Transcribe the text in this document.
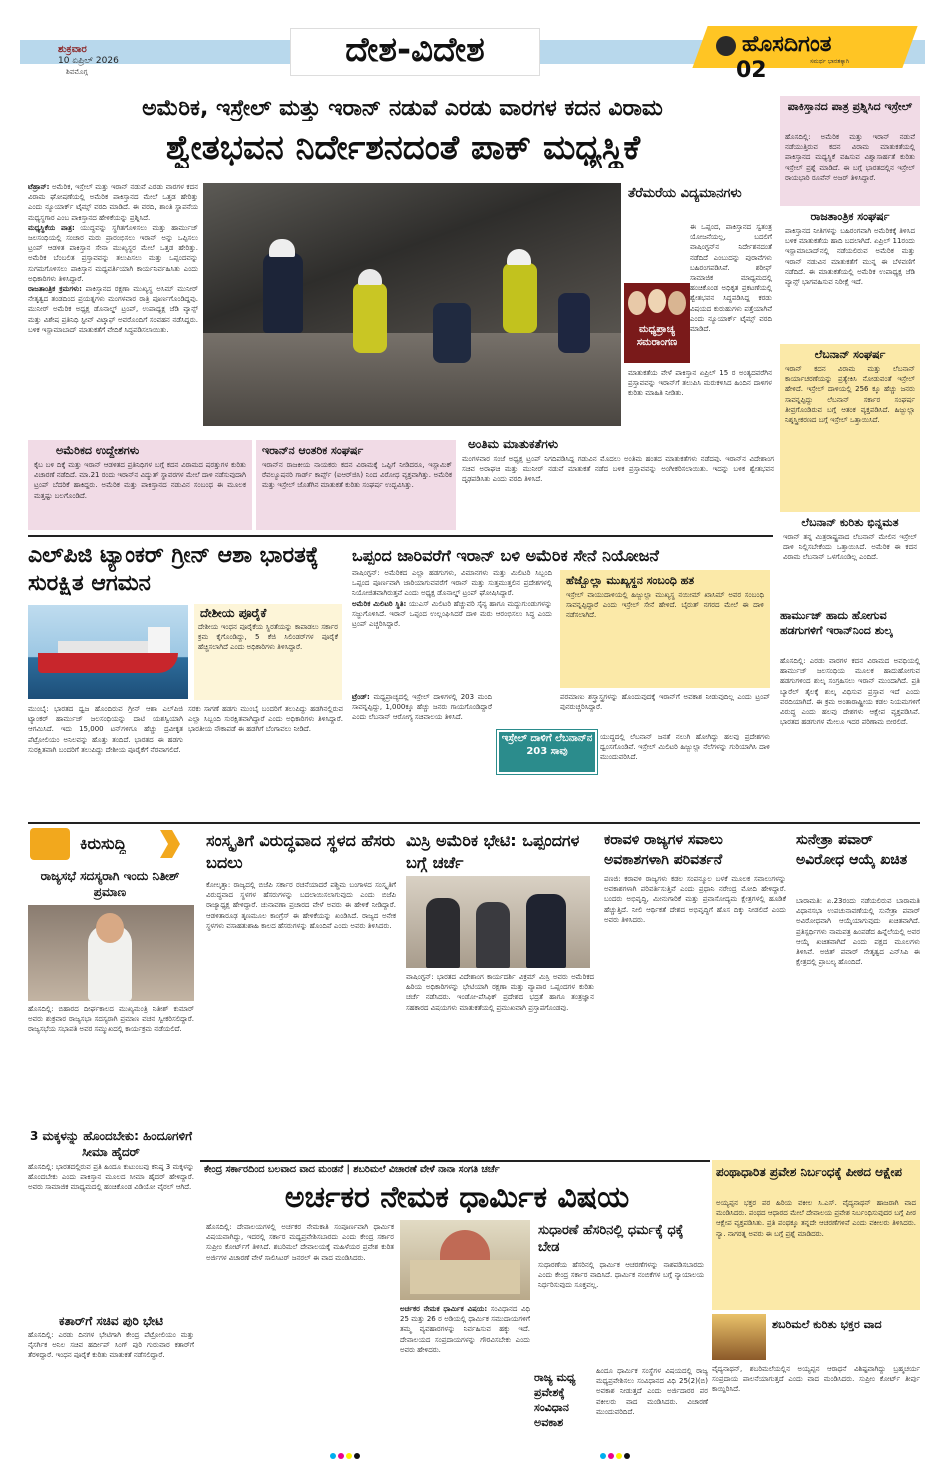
ಶುಕ್ರವಾರ
10 ಏಪ್ರಿಲ್ 2026
ಶಿವಮೊಗ್ಗ
ದೇಶ-ವಿದೇಶ	ಹೊಸದಿಗಂತ
ಸಮರ್ಥ ಭಾರತಕ್ಕಾಗಿ
02
ಅಮೆರಿಕ, ಇಸ್ರೇಲ್ ಮತ್ತು ಇರಾನ್ ನಡುವೆ ಎರಡು ವಾರಗಳ ಕದನ ವಿರಾಮ
ಶ್ವೇತಭವನ ನಿರ್ದೇಶನದಂತೆ ಪಾಕ್ ಮಧ್ಯಸ್ಥಿಕೆ
ಟೆಹ್ರಾನ್: ಅಮೆರಿಕ, ಇಸ್ರೇಲ್ ಮತ್ತು ಇರಾನ್ ನಡುವೆ ಎರಡು ವಾರಗಳ ಕದನ ವಿರಾಮ ಘೋಷಣೆಯಲ್ಲಿ ಅಮೆರಿಕ ಪಾಕಿಸ್ತಾನದ ಮೇಲೆ ಒತ್ತಡ ಹೇರಿತ್ತು ಎಂದು ನ್ಯೂಯಾರ್ಕ್ ಟೈಮ್ಸ್ ವರದಿ ಮಾಡಿದೆ. ಈ ವರದಿ, ಶಾಂತಿ ಸ್ಥಾಪನೆಯ ಮಧ್ಯಸ್ಥಗಾರ ಎಂಬ ಪಾಕಿಸ್ತಾನದ ಹೇಳಿಕೆಯನ್ನು ಪ್ರಶ್ನಿಸಿದೆ.
ಮಧ್ಯಸ್ಥಿಕೆಯ ಪಾತ್ರ: ಯುದ್ಧವನ್ನು ಸ್ಥಗಿತಗೊಳಿಸಲು ಮತ್ತು ಹಾರ್ಮುಜ್ ಜಲಸಂಧಿಯಲ್ಲಿ ಸಂಚಾರ ಮರು ಪ್ರಾರಂಭಿಸಲು ಇರಾನ್ ಅನ್ನು ಒಪ್ಪಿಸಲು ಟ್ರಂಪ್ ಆಡಳಿತ ಪಾಕಿಸ್ತಾನ ಸೇನಾ ಮುಖ್ಯಸ್ಥರ ಮೇಲೆ ಒತ್ತಡ ಹೇರಿತ್ತು. ಅಮೆರಿಕ ಬೆಂಬಲಿತ ಪ್ರಸ್ತಾವವನ್ನು ತಲುಪಿಸಲು ಮತ್ತು ಒಪ್ಪಂದವನ್ನು ಸುಗಮಗೊಳಿಸಲು ಪಾಕಿಸ್ತಾನ ಮಧ್ಯವರ್ತಿಯಾಗಿ ಕಾರ್ಯನಿರ್ವಹಿಸಿತು ಎಂದು ಅಧಿಕಾರಿಗಳು ತಿಳಿಸಿದ್ದಾರೆ.
ರಾಜತಾಂತ್ರಿಕ ಕ್ರಮಗಳು: ಪಾಕಿಸ್ತಾನದ ರಕ್ಷಣಾ ಮುಖ್ಯಸ್ಥ ಅಸಿಮ್ ಮುನೀರ್ ನೇತೃತ್ವದ ತಂಡದಿಂದ ಪ್ರಯತ್ನಗಳು ಮಂಗಳವಾರ ರಾತ್ರಿ ಪೂರ್ಣಗೊಂಡಿದ್ದವು. ಮುನೀರ್ ಅಮೆರಿಕ ಅಧ್ಯಕ್ಷ ಡೊನಾಲ್ಡ್ ಟ್ರಂಪ್, ಉಪಾಧ್ಯಕ್ಷ ಜೆಡಿ ವ್ಯಾನ್ಸ್ ಮತ್ತು ವಿಶೇಷ ಪ್ರತಿನಿಧಿ ಸ್ಟೀವ್ ವಿಟ್ಕಾಫ್ ಅವರೊಂದಿಗೆ ಸಂವಹನ ನಡೆಸಿದ್ದರು. ಬಳಿಕ ಇಸ್ಲಾಮಾಬಾದ್ ಮಾತುಕತೆಗೆ ವೇದಿಕೆ ಸಿದ್ಧಪಡಿಸಲಾಯಿತು.
ತೆರೆಮರೆಯ ವಿದ್ಯಮಾನಗಳು
ಈ ಒಪ್ಪಂದ, ಪಾಕಿಸ್ತಾನದ ಸ್ವತಂತ್ರ ಯೋಜನೆಯಲ್ಲ, ಬದಲಿಗೆ ವಾಷಿಂಗ್ಟನ್‌ನ ನಿರ್ದೇಶನದಂತೆ ನಡೆದಿದೆ ಎಂಬುದನ್ನು ಪುರಾವೆಗಳು ಬಹಿರಂಗಪಡಿಸಿವೆ. ಶರೀಫ್ ಸಾಮಾಜಿಕ ಮಾಧ್ಯಮದಲ್ಲಿ ಹಂಚಿಕೊಂಡ ಅಧಿಕೃತ ಪ್ರಕಟಣೆಯಲ್ಲಿ ಶ್ವೇತಭವನ ಸಿದ್ಧಪಡಿಸಿದ್ದ ಕರಡು ವಿಷಯದ ಕುರುಹುಗಳು ಪತ್ತೆಯಾಗಿವೆ ಎಂದು ನ್ಯೂಯಾರ್ಕ್ ಟೈಮ್ಸ್ ವರದಿ ಮಾಡಿದೆ.
ಮಧ್ಯಪ್ರಾಚ್ಯ ಸಮರಾಂಗಣ
ಮಾತುಕತೆಯ ವೇಳೆ ಪಾಕಿಸ್ತಾನ ಏಪ್ರಿಲ್ 15 ರ ಅಂತ್ಯದವರೆಗಿನ ಪ್ರಸ್ತಾವವನ್ನು ಇರಾನ್‌ಗೆ ತಲುಪಿಸಿ ಮರುಕಳಿಸಿದ ಹಿಂದಿನ ದಾಳಿಗಳ ಕುರಿತು ಮಾಹಿತಿ ನೀಡಿತು.
ಪಾಕಿಸ್ತಾನದ ಪಾತ್ರ ಪ್ರಶ್ನಿಸಿದ ಇಸ್ರೇಲ್
ಹೊಸದಿಲ್ಲಿ: ಅಮೆರಿಕ ಮತ್ತು ಇರಾನ್ ನಡುವೆ ನಡೆಯುತ್ತಿರುವ ಕದನ ವಿರಾಮ ಮಾತುಕತೆಯಲ್ಲಿ ಪಾಕಿಸ್ತಾನದ ಮಧ್ಯಸ್ಥಿಕೆ ವಹಿಸುವ ವಿಶ್ವಾಸಾರ್ಹತೆ ಕುರಿತು ಇಸ್ರೇಲ್ ಪ್ರಶ್ನೆ ಮಾಡಿದೆ. ಈ ಬಗ್ಗೆ ಭಾರತದಲ್ಲಿನ ಇಸ್ರೇಲ್ ರಾಯಭಾರಿ ರೂವೆನ್ ಅಜರ್ ತಿಳಿಸಿದ್ದಾರೆ.
ರಾಜತಾಂತ್ರಿಕ ಸಂಘರ್ಷ
ಪಾಕಿಸ್ತಾನದ ನೀತಿಗಳನ್ನು ಬಹಿರಂಗವಾಗಿ ಅಮೆರಿಕಕ್ಕೆ ತಿಳಿಸಿದ ಬಳಿಕ ಮಾತುಕತೆಯ ಹಾದಿ ಬದಲಾಗಿದೆ. ಏಪ್ರಿಲ್ 11ರಂದು ಇಸ್ಲಾಮಾಬಾದ್‌ನಲ್ಲಿ ನಡೆಯಲಿರುವ ಅಮೆರಿಕ ಮತ್ತು ಇರಾನ್ ನಡುವಿನ ಮಾತುಕತೆಗೆ ಮುನ್ನ ಈ ಬೆಳವಣಿಗೆ ನಡೆದಿದೆ. ಈ ಮಾತುಕತೆಯಲ್ಲಿ ಅಮೆರಿಕ ಉಪಾಧ್ಯಕ್ಷ ಜೆಡಿ ವ್ಯಾನ್ಸ್ ಭಾಗವಹಿಸುವ ನಿರೀಕ್ಷೆ ಇದೆ.
ಲೆಬನಾನ್ ಸಂಘರ್ಷ
ಇರಾನ್ ಕದನ ವಿರಾಮ ಮತ್ತು ಲೆಬನಾನ್ ಕಾರ್ಯಾಚರಣೆಯನ್ನು ಪ್ರತ್ಯೇಕಿಸಿ ನೋಡುವಂತೆ ಇಸ್ರೇಲ್ ಹೇಳಿದೆ. ಇಸ್ರೇಲ್ ದಾಳಿಯಲ್ಲಿ 256 ಕ್ಕೂ ಹೆಚ್ಚು ಜನರು ಸಾವನ್ನಪ್ಪಿದ್ದು ಲೆಬನಾನ್ ಸರ್ಕಾರ ಸಂಘರ್ಷ ತೀವ್ರಗೊಂಡಿರುವ ಬಗ್ಗೆ ಆತಂಕ ವ್ಯಕ್ತಪಡಿಸಿದೆ. ಹಿಜ್ಬುಲ್ಲಾ ನಿಶ್ಶಸ್ತ್ರೀಕರಣದ ಬಗ್ಗೆ ಇಸ್ರೇಲ್ ಒತ್ತಾಯಿಸಿದೆ.
ಲೆಬನಾನ್ ಕುರಿತು ಭಿನ್ನಮತ
ಇರಾನ್ ತನ್ನ ಮಿತ್ರರಾಷ್ಟ್ರವಾದ ಲೆಬನಾನ್ ಮೇಲಿನ ಇಸ್ರೇಲ್ ದಾಳಿ ನಿಲ್ಲಿಸಬೇಕೆಂದು ಒತ್ತಾಯಿಸಿದೆ. ಅಮೆರಿಕ ಈ ಕದನ ವಿರಾಮ ಲೆಬನಾನ್ ಒಳಗೊಂಡಿಲ್ಲ ಎಂದಿದೆ.
ಅಮೆರಿಕದ ಉದ್ದೇಶಗಳು
ಕೈಬ ಬಳಿ ದಿಕ್ಕೆ ಮತ್ತು ಇರಾನ್ ಆಡಳಿತದ ಪ್ರತಿನಿಧಿಗಳ ಬಗ್ಗೆ ಕದನ ವಿರಾಮದ ಷರತ್ತುಗಳ ಕುರಿತು ವಿಚಾರಣೆ ನಡೆದಿದೆ. ಮಾ.21 ರಂದು ಇರಾನ್‌ನ ವಿದ್ಯುತ್ ಸ್ಥಾವರಗಳ ಮೇಲೆ ದಾಳಿ ನಡೆಸುವುದಾಗಿ ಟ್ರಂಪ್ ಬೆದರಿಕೆ ಹಾಕಿದ್ದರು. ಅಮೆರಿಕ ಮತ್ತು ಪಾಕಿಸ್ತಾನದ ನಡುವಿನ ಸಂಬಂಧ ಈ ಮೂಲಕ ಮತ್ತಷ್ಟು ಬಲಗೊಂಡಿದೆ.
ಇರಾನ್‌ನ ಆಂತರಿಕ ಸಂಘರ್ಷ
ಇರಾನ್‌ನ ರಾಜಕೀಯ ನಾಯಕರು ಕದನ ವಿರಾಮಕ್ಕೆ ಒಪ್ಪಿಗೆ ನೀಡಿದರೂ, ಇಸ್ಲಾಮಿಕ್ ರೆವಲ್ಯೂಷನರಿ ಗಾರ್ಡ್ ಕಾರ್ಪ್ಸ್ (ಐಆರ್‌ಜಿಸಿ) ನಿಂದ ವಿರೋಧ ವ್ಯಕ್ತವಾಗಿತ್ತು. ಅಮೆರಿಕ ಮತ್ತು ಇಸ್ರೇಲ್ ಜೊತೆಗಿನ ಮಾತುಕತೆ ಕುರಿತು ಸಂಘರ್ಷ ಉದ್ಭವಿಸಿತ್ತು.
ಅಂತಿಮ ಮಾತುಕತೆಗಳು
ಮಂಗಳವಾರ ಸಂಜೆ ಅಧ್ಯಕ್ಷ ಟ್ರಂಪ್ ನಿಗದಿಪಡಿಸಿದ್ದ ಗಡುವಿನ ಮೊದಲು ಅಂತಿಮ ಹಂತದ ಮಾತುಕತೆಗಳು ನಡೆದವು. ಇರಾನ್‌ನ ವಿದೇಶಾಂಗ ಸಚಿವ ಅರಾಘಚಿ ಮತ್ತು ಮುನೀರ್ ನಡುವೆ ಮಾತುಕತೆ ನಡೆದ ಬಳಿಕ ಪ್ರಸ್ತಾವವನ್ನು ಅಂಗೀಕರಿಸಲಾಯಿತು. ಇದನ್ನು ಬಳಿಕ ಶ್ವೇತಭವನ ದೃಢಪಡಿಸಿತು ಎಂದು ವರದಿ ತಿಳಿಸಿದೆ.
ಎಲ್‌ಪಿಜಿ ಟ್ಯಾಂಕರ್ ಗ್ರೀನ್ ಆಶಾ ಭಾರತಕ್ಕೆ ಸುರಕ್ಷಿತ ಆಗಮನ
ದೇಶೀಯ ಪೂರೈಕೆ
ದೇಶೀಯ ಇಂಧನ ಪೂರೈಕೆಯ ಸ್ಥಿರತೆಯನ್ನು ಕಾಪಾಡಲು ಸರ್ಕಾರ ಕ್ರಮ ಕೈಗೊಂಡಿದ್ದು, 5 ಕೆಜಿ ಸಿಲಿಂಡರ್‌ಗಳ ಪೂರೈಕೆ ಹೆಚ್ಚಿಸಲಾಗಿದೆ ಎಂದು ಅಧಿಕಾರಿಗಳು ತಿಳಿಸಿದ್ದಾರೆ.
ಮುಂಬೈ: ಭಾರತದ ಧ್ವಜ ಹೊಂದಿರುವ ಗ್ರೀನ್ ಆಶಾ ಎಲ್‌ಪಿಜಿ ಟ್ಯಾಂಕರ್ ಹಾರ್ಮುಜ್ ಜಲಸಂಧಿಯನ್ನು ದಾಟಿ ಯಶಸ್ವಿಯಾಗಿ ಆಗಮಿಸಿದೆ. ಇದು 15,000 ಟನ್‌ಗಳಿಗೂ ಹೆಚ್ಚು ದ್ರವೀಕೃತ ಪೆಟ್ರೋಲಿಯಂ ಅನಿಲವನ್ನು ಹೊತ್ತು ತಂದಿದೆ. ಭಾರತದ ಈ ಹಡಗು ಸುರಕ್ಷಿತವಾಗಿ ಬಂದರಿಗೆ ತಲುಪಿದ್ದು ದೇಶೀಯ ಪೂರೈಕೆಗೆ ನೆರವಾಗಲಿದೆ.
ಸರಕು ಸಾಗಣೆ ಹಡಗು ಮುಂಬೈ ಬಂದರಿಗೆ ತಲುಪಿದ್ದು ಹಡಗಿನಲ್ಲಿರುವ ಎಲ್ಲಾ ಸಿಬ್ಬಂದಿ ಸುರಕ್ಷಿತವಾಗಿದ್ದಾರೆ ಎಂದು ಅಧಿಕಾರಿಗಳು ತಿಳಿಸಿದ್ದಾರೆ. ಭಾರತೀಯ ನೌಕಾಪಡೆ ಈ ಹಡಗಿಗೆ ಬೆಂಗಾವಲು ನೀಡಿದೆ.
ಒಪ್ಪಂದ ಜಾರಿವರೆಗೆ ಇರಾನ್ ಬಳಿ ಅಮೆರಿಕ ಸೇನೆ ನಿಯೋಜನೆ
ವಾಷಿಂಗ್ಟನ್: ಅಮೆರಿಕದ ಎಲ್ಲಾ ಹಡಗುಗಳು, ವಿಮಾನಗಳು ಮತ್ತು ಮಿಲಿಟರಿ ಸಿಬ್ಬಂದಿ ಒಪ್ಪಂದ ಪೂರ್ಣವಾಗಿ ಜಾರಿಯಾಗುವವರೆಗೆ ಇರಾನ್ ಮತ್ತು ಸುತ್ತಮುತ್ತಲಿನ ಪ್ರದೇಶಗಳಲ್ಲಿ ನಿಯೋಜಿತವಾಗಿರುತ್ತವೆ ಎಂದು ಅಧ್ಯಕ್ಷ ಡೊನಾಲ್ಡ್ ಟ್ರಂಪ್ ಘೋಷಿಸಿದ್ದಾರೆ.
ಅಮೆರಿಕ ಮಿಲಿಟರಿ ಸ್ಥಿತಿ: ಯುಎಸ್ ಮಿಲಿಟರಿ ಹೆಚ್ಚುವರಿ ಸೈನ್ಯ ಹಾಗೂ ಮದ್ದುಗುಂಡುಗಳನ್ನು ಸಜ್ಜುಗೊಳಿಸಿದೆ. ಇರಾನ್ ಒಪ್ಪಂದ ಉಲ್ಲಂಘಿಸಿದರೆ ದಾಳಿ ಮರು ಆರಂಭಿಸಲು ಸಿದ್ಧ ಎಂದು ಟ್ರಂಪ್ ಎಚ್ಚರಿಸಿದ್ದಾರೆ.
ಹೆಜ್ಬೊಲ್ಲಾ ಮುಖ್ಯಸ್ಥನ ಸಂಬಂಧಿ ಹತ
ಇಸ್ರೇಲ್ ವಾಯುದಾಳಿಯಲ್ಲಿ ಹಿಜ್ಬುಲ್ಲಾ ಮುಖ್ಯಸ್ಥ ನಯೀಮ್ ಖಾಸಿಮ್ ಅವರ ಸಂಬಂಧಿ ಸಾವನ್ನಪ್ಪಿದ್ದಾರೆ ಎಂದು ಇಸ್ರೇಲ್ ಸೇನೆ ಹೇಳಿದೆ. ಬೈರುತ್ ನಗರದ ಮೇಲೆ ಈ ದಾಳಿ ನಡೆಸಲಾಗಿದೆ.
ಪರಮಾಣು ಶಸ್ತ್ರಾಸ್ತ್ರಗಳನ್ನು ಹೊಂದುವುದಕ್ಕೆ ಇರಾನ್‌ಗೆ ಅವಕಾಶ ನೀಡುವುದಿಲ್ಲ ಎಂದು ಟ್ರಂಪ್ ಪುನರುಚ್ಚರಿಸಿದ್ದಾರೆ.
ಟ್ರೆಂಡ್: ಮಧ್ಯಪ್ರಾಚ್ಯದಲ್ಲಿ ಇಸ್ರೇಲ್ ದಾಳಿಗಳಲ್ಲಿ 203 ಮಂದಿ ಸಾವನ್ನಪ್ಪಿದ್ದು, 1,000ಕ್ಕೂ ಹೆಚ್ಚು ಜನರು ಗಾಯಗೊಂಡಿದ್ದಾರೆ ಎಂದು ಲೆಬನಾನ್ ಆರೋಗ್ಯ ಸಚಿವಾಲಯ ತಿಳಿಸಿದೆ.
ಇಸ್ರೇಲ್ ದಾಳಿಗೆ ಲೆಬನಾನ್‌ನ 203 ಸಾವು
ಯುದ್ಧದಲ್ಲಿ ಲೆಬನಾನ್ ಜನತೆ ನಲುಗಿ ಹೋಗಿದ್ದು ಹಲವು ಪ್ರದೇಶಗಳು ಧ್ವಂಸಗೊಂಡಿವೆ. ಇಸ್ರೇಲ್ ಮಿಲಿಟರಿ ಹಿಜ್ಬುಲ್ಲಾ ನೆಲೆಗಳನ್ನು ಗುರಿಯಾಗಿಸಿ ದಾಳಿ ಮುಂದುವರಿಸಿದೆ.
ಹಾರ್ಮುಜ್ ಹಾದು ಹೋಗುವ ಹಡಗುಗಳಿಗೆ ಇರಾನ್‌ನಿಂದ ಶುಲ್ಕ
ಹೊಸದಿಲ್ಲಿ: ಎರಡು ವಾರಗಳ ಕದನ ವಿರಾಮದ ಅವಧಿಯಲ್ಲಿ ಹಾರ್ಮುಜ್ ಜಲಸಂಧಿಯ ಮೂಲಕ ಹಾದುಹೋಗುವ ಹಡಗುಗಳಿಂದ ಶುಲ್ಕ ಸಂಗ್ರಹಿಸಲು ಇರಾನ್ ಮುಂದಾಗಿದೆ. ಪ್ರತಿ ಬ್ಯಾರೆಲ್ ತೈಲಕ್ಕೆ ಶುಲ್ಕ ವಿಧಿಸುವ ಪ್ರಸ್ತಾವ ಇದೆ ಎಂದು ವರದಿಯಾಗಿದೆ. ಈ ಕ್ರಮ ಅಂತಾರಾಷ್ಟ್ರೀಯ ಕಡಲ ನಿಯಮಗಳಿಗೆ ವಿರುದ್ಧ ಎಂದು ಹಲವು ದೇಶಗಳು ಆಕ್ಷೇಪ ವ್ಯಕ್ತಪಡಿಸಿವೆ. ಭಾರತದ ಹಡಗುಗಳ ಮೇಲೂ ಇದರ ಪರಿಣಾಮ ಬೀರಲಿದೆ.
ಕಿರುಸುದ್ದಿ
ರಾಜ್ಯಸಭೆ ಸದಸ್ಯರಾಗಿ ಇಂದು ನಿತೀಶ್ ಪ್ರಮಾಣ
ಹೊಸದಿಲ್ಲಿ: ಬಿಹಾರದ ದೀರ್ಘಕಾಲದ ಮುಖ್ಯಮಂತ್ರಿ ನಿತೀಶ್ ಕುಮಾರ್ ಅವರು ಶುಕ್ರವಾರ ರಾಜ್ಯಸಭಾ ಸದಸ್ಯರಾಗಿ ಪ್ರಮಾಣ ವಚನ ಸ್ವೀಕರಿಸಲಿದ್ದಾರೆ. ರಾಜ್ಯಸಭೆಯ ಸಭಾಪತಿ ಅವರ ಸಮ್ಮುಖದಲ್ಲಿ ಕಾರ್ಯಕ್ರಮ ನಡೆಯಲಿದೆ.
3 ಮಕ್ಕಳನ್ನು ಹೊಂದಬೇಕು: ಹಿಂದೂಗಳಿಗೆ ಸೀಮಾ ಹೈದರ್
ಹೊಸದಿಲ್ಲಿ: ಭಾರತದಲ್ಲಿರುವ ಪ್ರತಿ ಹಿಂದೂ ಕುಟುಂಬವು ಕನಿಷ್ಠ 3 ಮಕ್ಕಳನ್ನು ಹೊಂದಬೇಕು ಎಂದು ಪಾಕಿಸ್ತಾನ ಮೂಲದ ಸೀಮಾ ಹೈದರ್ ಹೇಳಿದ್ದಾರೆ. ಅವರು ಸಾಮಾಜಿಕ ಮಾಧ್ಯಮದಲ್ಲಿ ಹಂಚಿಕೊಂಡ ವಿಡಿಯೋ ವೈರಲ್ ಆಗಿದೆ.
ಕತಾರ್‌ಗೆ ಸಚಿವ ಪುರಿ ಭೇಟಿ
ಹೊಸದಿಲ್ಲಿ: ಎರಡು ದಿನಗಳ ಭೇಟಿಗಾಗಿ ಕೇಂದ್ರ ಪೆಟ್ರೋಲಿಯಂ ಮತ್ತು ನೈಸರ್ಗಿಕ ಅನಿಲ ಸಚಿವ ಹರ್ದೀಪ್ ಸಿಂಗ್ ಪುರಿ ಗುರುವಾರ ಕತಾರ್‌ಗೆ ತೆರಳಿದ್ದಾರೆ. ಇಂಧನ ಪೂರೈಕೆ ಕುರಿತು ಮಾತುಕತೆ ನಡೆಸಲಿದ್ದಾರೆ.
ಸಂಸ್ಕೃತಿಗೆ ವಿರುದ್ಧವಾದ ಸ್ಥಳದ ಹೆಸರು ಬದಲು
ಕೋಲ್ಕತ್ತಾ: ರಾಜ್ಯದಲ್ಲಿ ಬಿಜೆಪಿ ಸರ್ಕಾರ ರಚನೆಯಾದರೆ ಪಶ್ಚಿಮ ಬಂಗಾಳದ ಸಂಸ್ಕೃತಿಗೆ ವಿರುದ್ಧವಾದ ಸ್ಥಳಗಳ ಹೆಸರುಗಳನ್ನು ಬದಲಾಯಿಸಲಾಗುವುದು ಎಂದು ಬಿಜೆಪಿ ರಾಜ್ಯಾಧ್ಯಕ್ಷ ಹೇಳಿದ್ದಾರೆ. ಚುನಾವಣಾ ಪ್ರಚಾರದ ವೇಳೆ ಅವರು ಈ ಹೇಳಿಕೆ ನೀಡಿದ್ದಾರೆ. ಆಡಳಿತಾರೂಢ ತೃಣಮೂಲ ಕಾಂಗ್ರೆಸ್ ಈ ಹೇಳಿಕೆಯನ್ನು ಖಂಡಿಸಿದೆ. ರಾಜ್ಯದ ಅನೇಕ ಸ್ಥಳಗಳು ವಸಾಹತುಶಾಹಿ ಕಾಲದ ಹೆಸರುಗಳನ್ನು ಹೊಂದಿವೆ ಎಂದು ಅವರು ತಿಳಿಸಿದರು.
ಮಿಸ್ರಿ ಅಮೆರಿಕ ಭೇಟಿ: ಒಪ್ಪಂದಗಳ ಬಗ್ಗೆ ಚರ್ಚೆ
ವಾಷಿಂಗ್ಟನ್: ಭಾರತದ ವಿದೇಶಾಂಗ ಕಾರ್ಯದರ್ಶಿ ವಿಕ್ರಮ್ ಮಿಸ್ರಿ ಅವರು ಅಮೆರಿಕದ ಹಿರಿಯ ಅಧಿಕಾರಿಗಳನ್ನು ಭೇಟಿಯಾಗಿ ರಕ್ಷಣಾ ಮತ್ತು ವ್ಯಾಪಾರ ಒಪ್ಪಂದಗಳ ಕುರಿತು ಚರ್ಚೆ ನಡೆಸಿದರು. ಇಂಡೋ-ಪೆಸಿಫಿಕ್ ಪ್ರದೇಶದ ಭದ್ರತೆ ಹಾಗೂ ತಂತ್ರಜ್ಞಾನ ಸಹಕಾರದ ವಿಷಯಗಳು ಮಾತುಕತೆಯಲ್ಲಿ ಪ್ರಮುಖವಾಗಿ ಪ್ರಸ್ತಾಪಗೊಂಡವು.
ಕರಾವಳಿ ರಾಜ್ಯಗಳ ಸವಾಲು ಅವಕಾಶಗಳಾಗಿ ಪರಿವರ್ತನೆ
ಪಣಜಿ: ಕರಾವಳಿ ರಾಜ್ಯಗಳು ಕಡಲ ಸಂಪನ್ಮೂಲ ಬಳಕೆ ಮೂಲಕ ಸವಾಲುಗಳನ್ನು ಅವಕಾಶಗಳಾಗಿ ಪರಿವರ್ತಿಸುತ್ತಿವೆ ಎಂದು ಪ್ರಧಾನಿ ನರೇಂದ್ರ ಮೋದಿ ಹೇಳಿದ್ದಾರೆ. ಬಂದರು ಅಭಿವೃದ್ಧಿ, ಮೀನುಗಾರಿಕೆ ಮತ್ತು ಪ್ರವಾಸೋದ್ಯಮ ಕ್ಷೇತ್ರಗಳಲ್ಲಿ ಹೂಡಿಕೆ ಹೆಚ್ಚುತ್ತಿದೆ. ನೀಲಿ ಆರ್ಥಿಕತೆ ದೇಶದ ಅಭಿವೃದ್ಧಿಗೆ ಹೊಸ ದಿಕ್ಕು ನೀಡಲಿದೆ ಎಂದು ಅವರು ತಿಳಿಸಿದರು.
ಸುನೇತ್ರಾ ಪವಾರ್ ಅವಿರೋಧ ಆಯ್ಕೆ ಖಚಿತ
ಬಾರಾಮತಿ: ಏ.23ರಂದು ನಡೆಯಲಿರುವ ಬಾರಾಮತಿ ವಿಧಾನಸಭಾ ಉಪಚುನಾವಣೆಯಲ್ಲಿ ಸುನೇತ್ರಾ ಪವಾರ್ ಅವಿರೋಧವಾಗಿ ಆಯ್ಕೆಯಾಗುವುದು ಖಚಿತವಾಗಿದೆ. ಪ್ರತಿಸ್ಪರ್ಧಿಗಳು ನಾಮಪತ್ರ ಹಿಂಪಡೆದ ಹಿನ್ನೆಲೆಯಲ್ಲಿ ಅವರ ಆಯ್ಕೆ ಖಚಿತವಾಗಿದೆ ಎಂದು ಪಕ್ಷದ ಮೂಲಗಳು ತಿಳಿಸಿವೆ. ಅಜಿತ್ ಪವಾರ್ ನೇತೃತ್ವದ ಎನ್‌ಸಿಪಿ ಈ ಕ್ಷೇತ್ರದಲ್ಲಿ ಪ್ರಾಬಲ್ಯ ಹೊಂದಿದೆ.
ಕೇಂದ್ರ ಸರ್ಕಾರದಿಂದ ಬಲವಾದ ವಾದ ಮಂಡನೆ | ಶಬರಿಮಲೆ ವಿಚಾರಣೆ ವೇಳೆ ನಾನಾ ಸಂಗತಿ ಚರ್ಚೆ
ಅರ್ಚಕರ ನೇಮಕ ಧಾರ್ಮಿಕ ವಿಷಯ
ಹೊಸದಿಲ್ಲಿ: ದೇವಾಲಯಗಳಲ್ಲಿ ಅರ್ಚಕರ ನೇಮಕಾತಿ ಸಂಪೂರ್ಣವಾಗಿ ಧಾರ್ಮಿಕ ವಿಷಯವಾಗಿದ್ದು, ಇದರಲ್ಲಿ ಸರ್ಕಾರ ಮಧ್ಯಪ್ರವೇಶಿಸಬಾರದು ಎಂದು ಕೇಂದ್ರ ಸರ್ಕಾರ ಸುಪ್ರೀಂ ಕೋರ್ಟ್‌ಗೆ ತಿಳಿಸಿದೆ. ಶಬರಿಮಲೆ ದೇವಾಲಯಕ್ಕೆ ಮಹಿಳೆಯರ ಪ್ರವೇಶ ಕುರಿತ ಅರ್ಜಿಗಳ ವಿಚಾರಣೆ ವೇಳೆ ಸಾಲಿಸಿಟರ್ ಜನರಲ್ ಈ ವಾದ ಮಂಡಿಸಿದರು.
ಅರ್ಚಕರ ನೇಮಕ ಧಾರ್ಮಿಕ ವಿಷಯ: ಸಂವಿಧಾನದ ವಿಧಿ 25 ಮತ್ತು 26 ರ ಅಡಿಯಲ್ಲಿ ಧಾರ್ಮಿಕ ಸಮುದಾಯಗಳಿಗೆ ತಮ್ಮ ವ್ಯವಹಾರಗಳನ್ನು ನಿರ್ವಹಿಸುವ ಹಕ್ಕು ಇದೆ. ದೇವಾಲಯದ ಸಂಪ್ರದಾಯಗಳನ್ನು ಗೌರವಿಸಬೇಕು ಎಂದು ಅವರು ಹೇಳಿದರು.
ಸುಧಾರಣೆ ಹೆಸರಿನಲ್ಲಿ ಧರ್ಮಕ್ಕೆ ಧಕ್ಕೆ ಬೇಡ
ಸುಧಾರಣೆಯ ಹೆಸರಿನಲ್ಲಿ ಧಾರ್ಮಿಕ ಆಚರಣೆಗಳನ್ನು ನಾಶಪಡಿಸಬಾರದು ಎಂದು ಕೇಂದ್ರ ಸರ್ಕಾರ ವಾದಿಸಿದೆ. ಧಾರ್ಮಿಕ ನಂಬಿಕೆಗಳ ಬಗ್ಗೆ ನ್ಯಾಯಾಲಯ ನಿರ್ಧರಿಸುವುದು ಸೂಕ್ತವಲ್ಲ.
ರಾಜ್ಯ ಮಧ್ಯ ಪ್ರವೇಶಕ್ಕೆ ಸಂವಿಧಾನ ಅವಕಾಶ
ಹಿಂದೂ ಧಾರ್ಮಿಕ ಸಂಸ್ಥೆಗಳ ವಿಷಯದಲ್ಲಿ ರಾಜ್ಯ ಮಧ್ಯಪ್ರವೇಶಿಸಲು ಸಂವಿಧಾನದ ವಿಧಿ 25(2)(ಬಿ) ಅವಕಾಶ ನೀಡುತ್ತದೆ ಎಂದು ಅರ್ಜಿದಾರರ ಪರ ವಕೀಲರು ವಾದ ಮಂಡಿಸಿದರು. ವಿಚಾರಣೆ ಮುಂದುವರಿದಿದೆ.
ಪಂಥಾಧಾರಿತ ಪ್ರವೇಶ ನಿರ್ಬಂಧಕ್ಕೆ ಪೀಠದ ಆಕ್ಷೇಪ
ಅಯ್ಯಪ್ಪನ ಭಕ್ತರ ಪರ ಹಿರಿಯ ವಕೀಲ ಸಿ.ಎಸ್. ವೈದ್ಯನಾಥನ್ ಹಾಜರಾಗಿ ವಾದ ಮಂಡಿಸಿದರು. ಪಂಥದ ಆಧಾರದ ಮೇಲೆ ದೇವಾಲಯ ಪ್ರವೇಶ ನಿರ್ಬಂಧಿಸುವುದರ ಬಗ್ಗೆ ಪೀಠ ಆಕ್ಷೇಪ ವ್ಯಕ್ತಪಡಿಸಿತು. ಪ್ರತಿ ಪಂಥಕ್ಕೂ ತನ್ನದೇ ಆಚರಣೆಗಳಿವೆ ಎಂದು ವಕೀಲರು ತಿಳಿಸಿದರು. ನ್ಯಾ. ನಾಗರತ್ನ ಅವರು ಈ ಬಗ್ಗೆ ಪ್ರಶ್ನೆ ಮಾಡಿದರು.
ಶಬರಿಮಲೆ ಕುರಿತು ಭಕ್ತರ ವಾದ
ವೈದ್ಯನಾಥನ್, ಶಬರಿಮಲೆಯಲ್ಲಿನ ಅಯ್ಯಪ್ಪನ ಆರಾಧನೆ ವಿಶಿಷ್ಟವಾಗಿದ್ದು ಬ್ರಹ್ಮಚರ್ಯ ಸಂಪ್ರದಾಯ ಪಾಲನೆಯಾಗುತ್ತದೆ ಎಂದು ವಾದ ಮಂಡಿಸಿದರು. ಸುಪ್ರೀಂ ಕೋರ್ಟ್ ತೀರ್ಪು ಕಾಯ್ದಿರಿಸಿದೆ.
